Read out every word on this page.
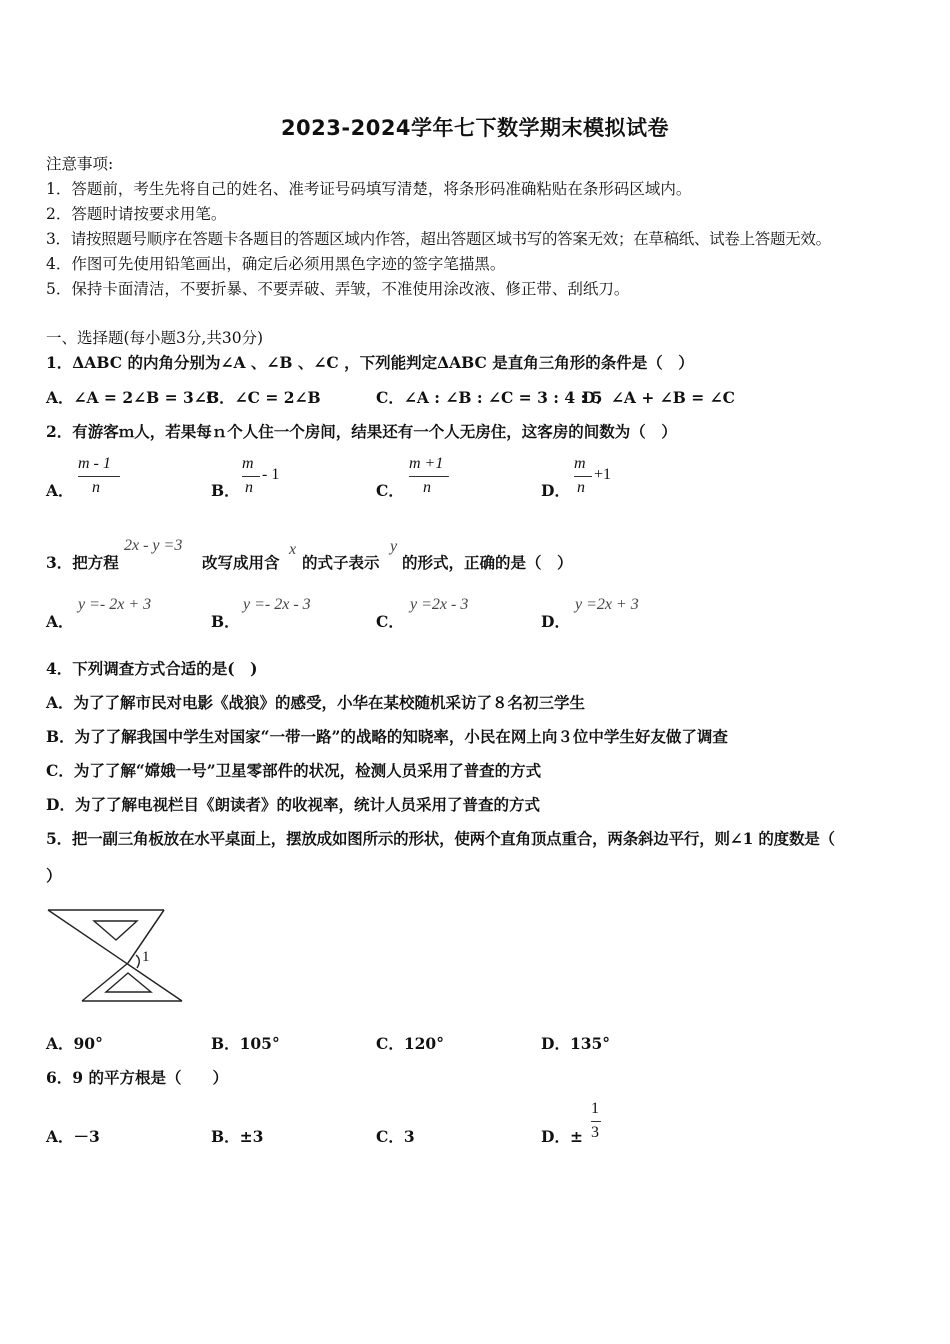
2023-2024学年七下数学期末模拟试卷
注意事项:
1．答题前，考生先将自己的姓名、准考证号码填写清楚，将条形码准确粘贴在条形码区域内。
2．答题时请按要求用笔。
3．请按照题号顺序在答题卡各题目的答题区域内作答，超出答题区域书写的答案无效；在草稿纸、试卷上答题无效。
4．作图可先使用铅笔画出，确定后必须用黑色字迹的签字笔描黑。
5．保持卡面清洁，不要折暴、不要弄破、弄皱，不准使用涂改液、修正带、刮纸刀。
一、选择题(每小题3分,共30分)
1．ΔABC 的内角分别为∠A 、∠B 、∠C ，下列能判定ΔABC 是直角三角形的条件是（　）
A．∠A = 2∠B = 3∠C
B．∠C = 2∠B	C．∠A : ∠B : ∠C = 3 : 4 : 5
D．∠A + ∠B = ∠C
2．有游客ｍ人，若果每ｎ个人住一个房间，结果还有一个人无房住，这客房的间数为（　）
A．
m - 1
n	B．
m
n
- 1
C．
m +1
n	D．
m
n
+1
3．把方程
2x - y =3
改写成用含
x
的式子表示
y
的形式，正确的是（　）
A．
y =- 2x + 3
B．
y =- 2x - 3
C．
y =2x - 3
D．
y =2x + 3
4．下列调查方式合适的是(　)
A．为了了解市民对电影《战狼》的感受，小华在某校随机采访了８名初三学生
B．为了了解我国中学生对国家“一带一路”的战略的知晓率，小民在网上向３位中学生好友做了调查
C．为了了解“嫦娥一号”卫星零部件的状况，检测人员采用了普查的方式
D．为了了解电视栏目《朗读者》的收视率，统计人员采用了普查的方式
5．把一副三角板放在水平桌面上，摆放成如图所示的形状，使两个直角顶点重合，两条斜边平行，则∠1 的度数是（
）
1
A．90°	B．105°	C．120°	D．135°
6．9 的平方根是（　　）
A．－3	B．±3	C．3	D．±
1
3
